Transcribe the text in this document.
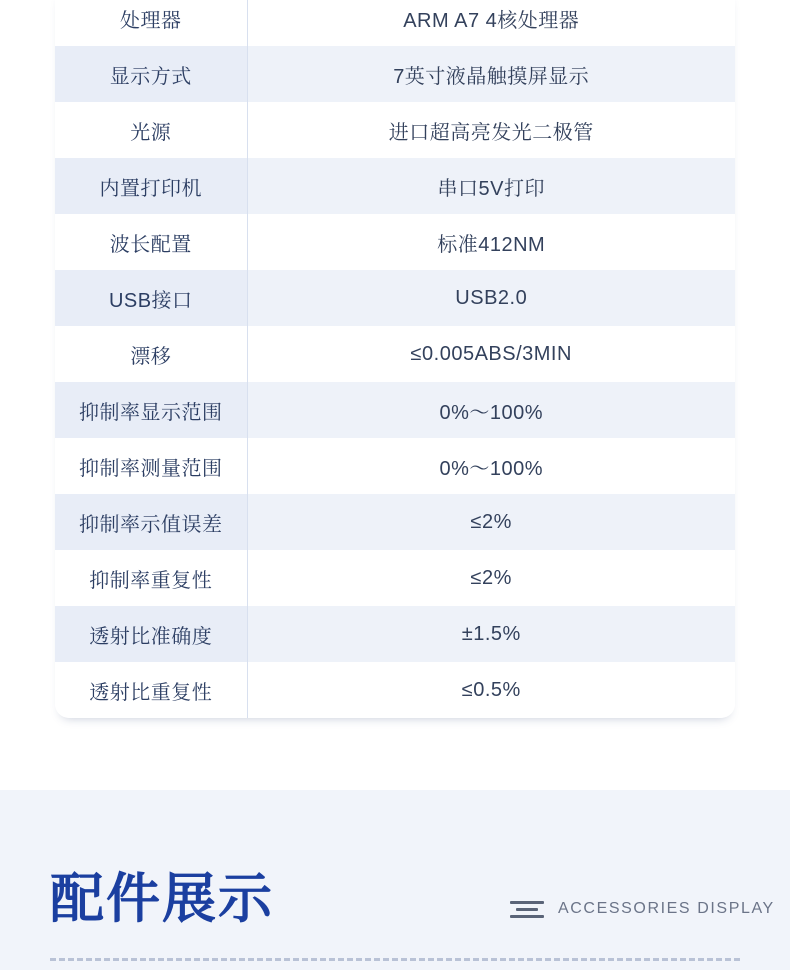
处理器	ARM A7 4核处理器
显示方式	7英寸液晶触摸屏显示
光源	进口超高亮发光二极管
内置打印机	串口5V打印
波长配置	标准412NM
USB接口	USB2.0
漂移	≤0.005ABS/3MIN
抑制率显示范围	0%～100%
抑制率测量范围	0%～100%
抑制率示值误差	≤2%
抑制率重复性	≤2%
透射比准确度	±1.5%
透射比重复性	≤0.5%
配件展示	ACCESSORIES DISPLAY
